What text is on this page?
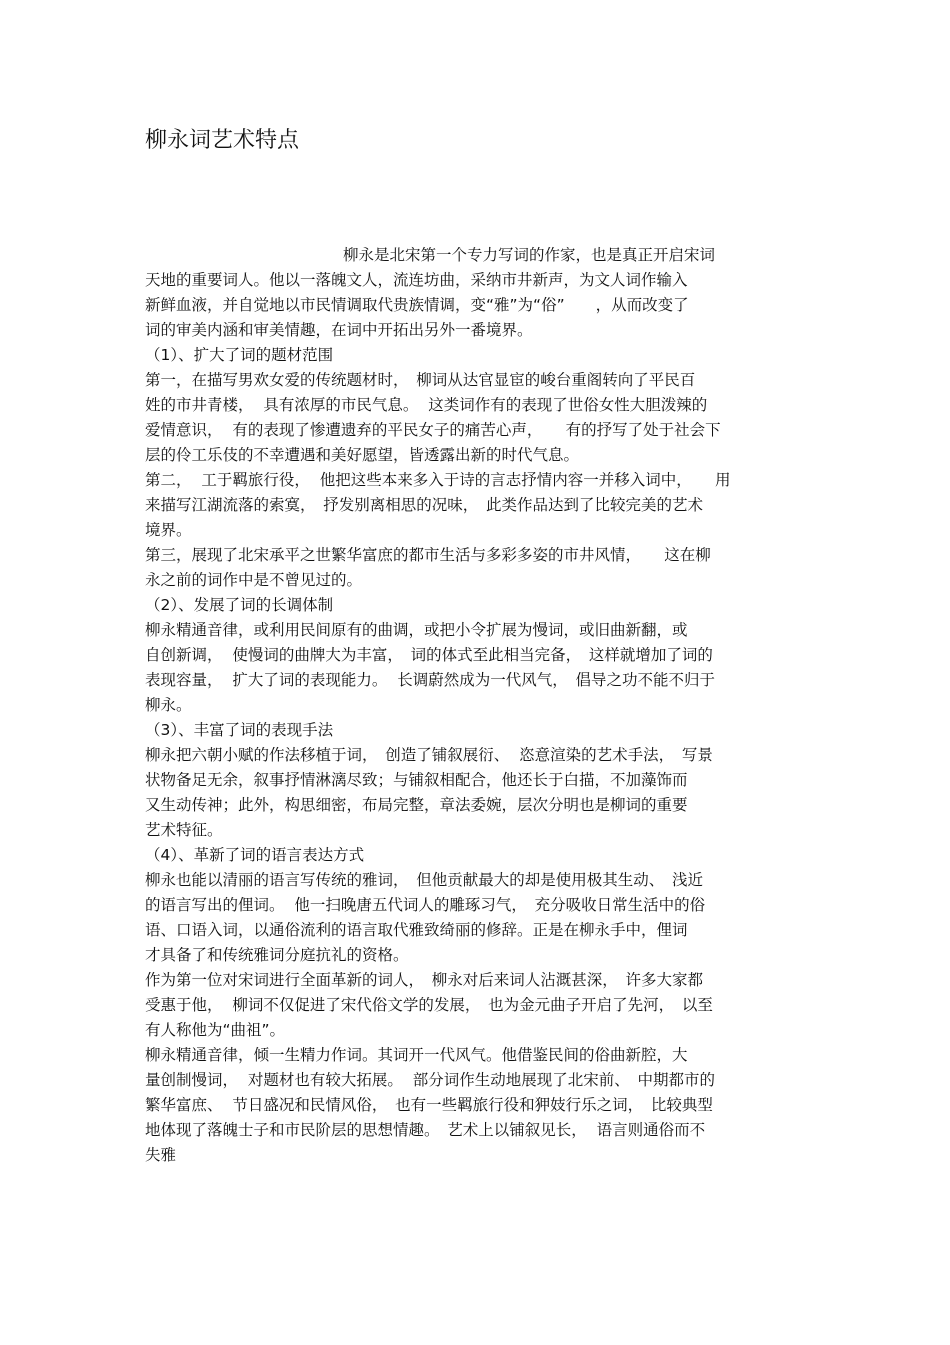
柳永词艺术特点
柳永是北宋第一个专力写词的作家，也是真正开启宋词
天地的重要词人。他以一落魄文人，流连坊曲，采纳市井新声，为文人词作输入
新鲜血液，并自觉地以市民情调取代贵族情调，变“雅”为“俗”　　，从而改变了
词的审美内涵和审美情趣，在词中开拓出另外一番境界。
（1）、扩大了词的题材范围
第一，在描写男欢女爱的传统题材时，　柳词从达官显宦的峻台重阁转向了平民百
姓的市井青楼，  具有浓厚的市民气息。  这类词作有的表现了世俗女性大胆泼辣的
爱情意识，  有的表现了惨遭遗弃的平民女子的痛苦心声，　　有的抒写了处于社会下
层的伶工乐伎的不幸遭遇和美好愿望，皆透露出新的时代气息。
第二，  工于羁旅行役，  他把这些本来多入于诗的言志抒情内容一并移入词中，　　用
来描写江湖流落的索寞，　抒发别离相思的况味，　此类作品达到了比较完美的艺术
境界。
第三，展现了北宋承平之世繁华富庶的都市生活与多彩多姿的市井风情，　　这在柳
永之前的词作中是不曾见过的。
（2）、发展了词的长调体制
柳永精通音律，或利用民间原有的曲调，或把小令扩展为慢词，或旧曲新翻，或
自创新调，  使慢词的曲牌大为丰富，　词的体式至此相当完备，　这样就增加了词的
表现容量，  扩大了词的表现能力。  长调蔚然成为一代风气，　倡导之功不能不归于
柳永。
（3）、丰富了词的表现手法
柳永把六朝小赋的作法移植于词，　创造了铺叙展衍、  恣意渲染的艺术手法，　写景
状物备足无余，叙事抒情淋漓尽致；与铺叙相配合，他还长于白描，不加藻饰而
又生动传神；此外，构思细密，布局完整，章法委婉，层次分明也是柳词的重要
艺术特征。
（4）、革新了词的语言表达方式
柳永也能以清丽的语言写传统的雅词，　但他贡献最大的却是使用极其生动、　浅近
的语言写出的俚词。  他一扫晚唐五代词人的雕琢习气，　充分吸收日常生活中的俗
语、口语入词，以通俗流利的语言取代雅致绮丽的修辞。正是在柳永手中，俚词
才具备了和传统雅词分庭抗礼的资格。
作为第一位对宋词进行全面革新的词人，　柳永对后来词人沾溉甚深，　许多大家都
受惠于他，  柳词不仅促进了宋代俗文学的发展，　也为金元曲子开启了先河，　以至
有人称他为“曲祖”。
柳永精通音律，倾一生精力作词。其词开一代风气。他借鉴民间的俗曲新腔，大
量创制慢词，  对题材也有较大拓展。  部分词作生动地展现了北宋前、　中期都市的
繁华富庶、  节日盛况和民情风俗，　也有一些羁旅行役和狎妓行乐之词，　比较典型
地体现了落魄士子和市民阶层的思想情趣。　艺术上以铺叙见长，  语言则通俗而不
失雅
